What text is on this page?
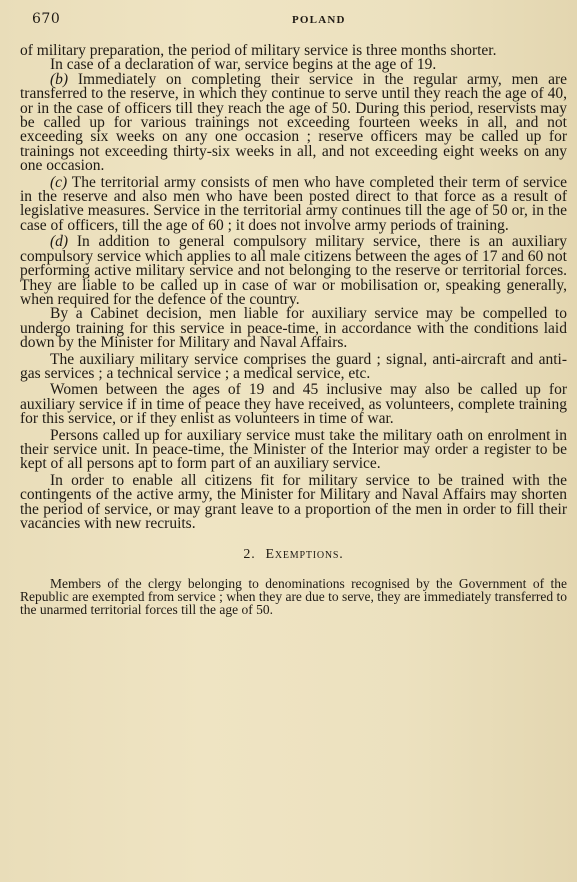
670	POLAND

of military preparation, the period of military service is three months shorter.

In case of a declaration of war, service begins at the age of 19.

(b) Immediately on completing their service in the regular army, men are transferred to the reserve, in which they continue to serve until they reach the age of 40, or in the case of officers till they reach the age of 50. During this period, reservists may be called up for various trainings not exceeding fourteen weeks in all, and not exceeding six weeks on any one occasion ; reserve officers may be called up for trainings not exceeding thirty-six weeks in all, and not exceeding eight weeks on any one occasion.

(c) The territorial army consists of men who have completed their term of service in the reserve and also men who have been posted direct to that force as a result of legislative measures. Service in the territorial army continues till the age of 50 or, in the case of officers, till the age of 60 ; it does not involve army periods of training.

(d) In addition to general compulsory military service, there is an auxiliary compulsory service which applies to all male citizens between the ages of 17 and 60 not performing active military service and not belonging to the reserve or territorial forces. They are liable to be called up in case of war or mobilisation or, speaking generally, when required for the defence of the country.

By a Cabinet decision, men liable for auxiliary service may be compelled to undergo training for this service in peace-time, in accordance with the conditions laid down by the Minister for Military and Naval Affairs.

The auxiliary military service comprises the guard ; signal, anti-aircraft and anti-gas services ; a technical service ; a medical service, etc.

Women between the ages of 19 and 45 inclusive may also be called up for auxiliary service if in time of peace they have received, as volunteers, complete training for this service, or if they enlist as volunteers in time of war.

Persons called up for auxiliary service must take the military oath on enrolment in their service unit. In peace-time, the Minister of the Interior may order a register to be kept of all persons apt to form part of an auxiliary service.

In order to enable all citizens fit for military service to be trained with the contingents of the active army, the Minister for Military and Naval Affairs may shorten the period of service, or may grant leave to a proportion of the men in order to fill their vacancies with new recruits.

2. Exemptions.

Members of the clergy belonging to denominations recognised by the Government of the Republic are exempted from service ; when they are due to serve, they are immediately transferred to the unarmed territorial forces till the age of 50.
